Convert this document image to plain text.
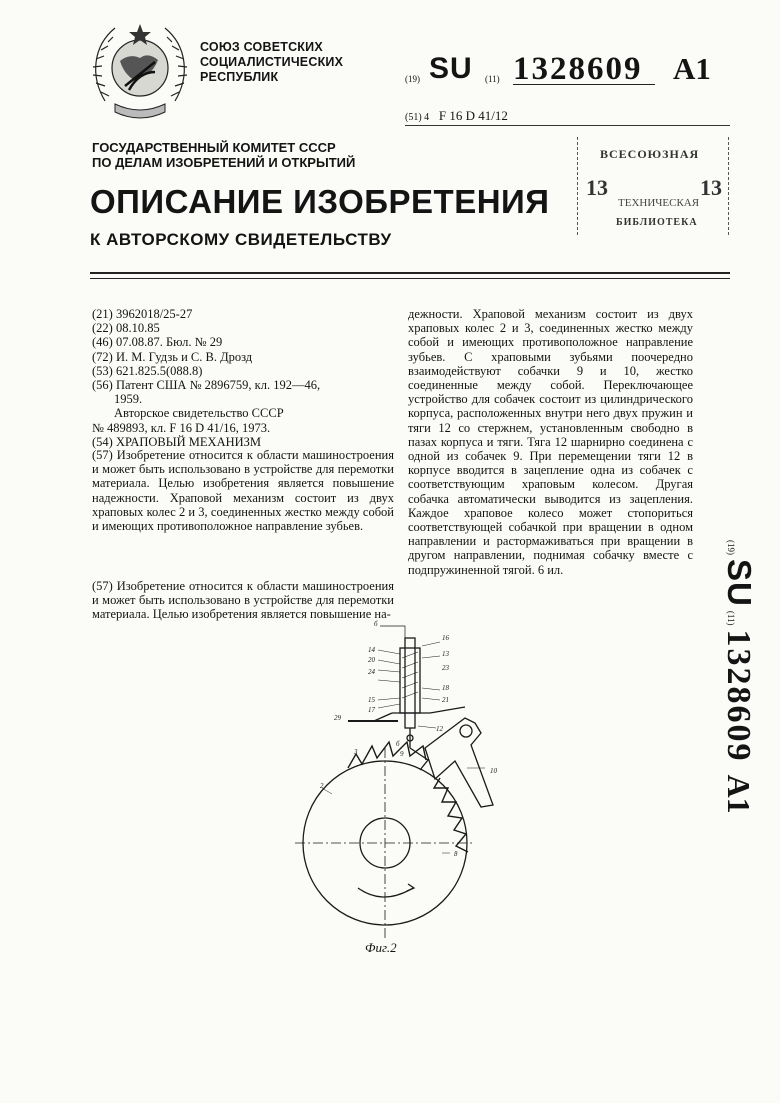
СОЮЗ СОВЕТСКИХ
СОЦИАЛИСТИЧЕСКИХ
РЕСПУБЛИК	(19) SU (11) 1328609 A1
(51) 4 F 16 D 41/12
ВСЕСОЮЗНАЯ
13
ТЕХНИЧЕСКАЯ
БИБЛИОТЕКА
13
ГОСУДАРСТВЕННЫЙ КОМИТЕТ СССР
ПО ДЕЛАМ ИЗОБРЕТЕНИЙ И ОТКРЫТИЙ
ОПИСАНИЕ ИЗОБРЕТЕНИЯ
К АВТОРСКОМУ СВИДЕТЕЛЬСТВУ
(21) 3962018/25-27
(22) 08.10.85
(46) 07.08.87. Бюл. № 29
(72) И. М. Гудзь и С. В. Дрозд
(53) 621.825.5(088.8)
(56) Патент США № 2896759, кл. 192—46,
1959.
Авторское свидетельство СССР
№ 489893, кл. F 16 D 41/16, 1973.
(54) ХРАПОВЫЙ МЕХАНИЗМ
(57) Изобретение относится к области машиностроения и может быть использовано в устройстве для перемотки материала. Целью изобретения является повышение надежности. Храповой механизм состоит из двух храповых колес 2 и 3, соединенных жестко между собой и имеющих противоположное направление зубьев.
(57) Изобретение относится к области машиностроения и может быть использовано в устройстве для перемотки материала. Целью изобретения является повышение на-
дежности. Храповой механизм состоит из двух храповых колес 2 и 3, соединенных жестко между собой и имеющих противоположное направление зубьев. С храповыми зубьями поочередно взаимодействуют собачки 9 и 10, жестко соединенные между собой. Переключающее устройство для собачек состоит из цилиндрического корпуса, расположенных внутри него двух пружин и тяги 12 со стержнем, установленным свободно в пазах корпуса и тяги. Тяга 12 шарнирно соединена с одной из собачек 9. При перемещении тяги 12 в корпусе вводится в зацепление одна из собачек с соответствующим храповым колесом. Другая собачка автоматически выводится из зацепления. Каждое храповое колесо может стопориться соответствующей собачкой при вращении в одном направлении и растормаживаться при вращении в другом направлении, поднимая собачку вместе с подпружиненной тягой. 6 ил.
(19) SU (11) 1328609   A1
б
16
14	13
20
23
24
18
15	21
17
12
29
б
3	9
2
10
8
Фиг.2
